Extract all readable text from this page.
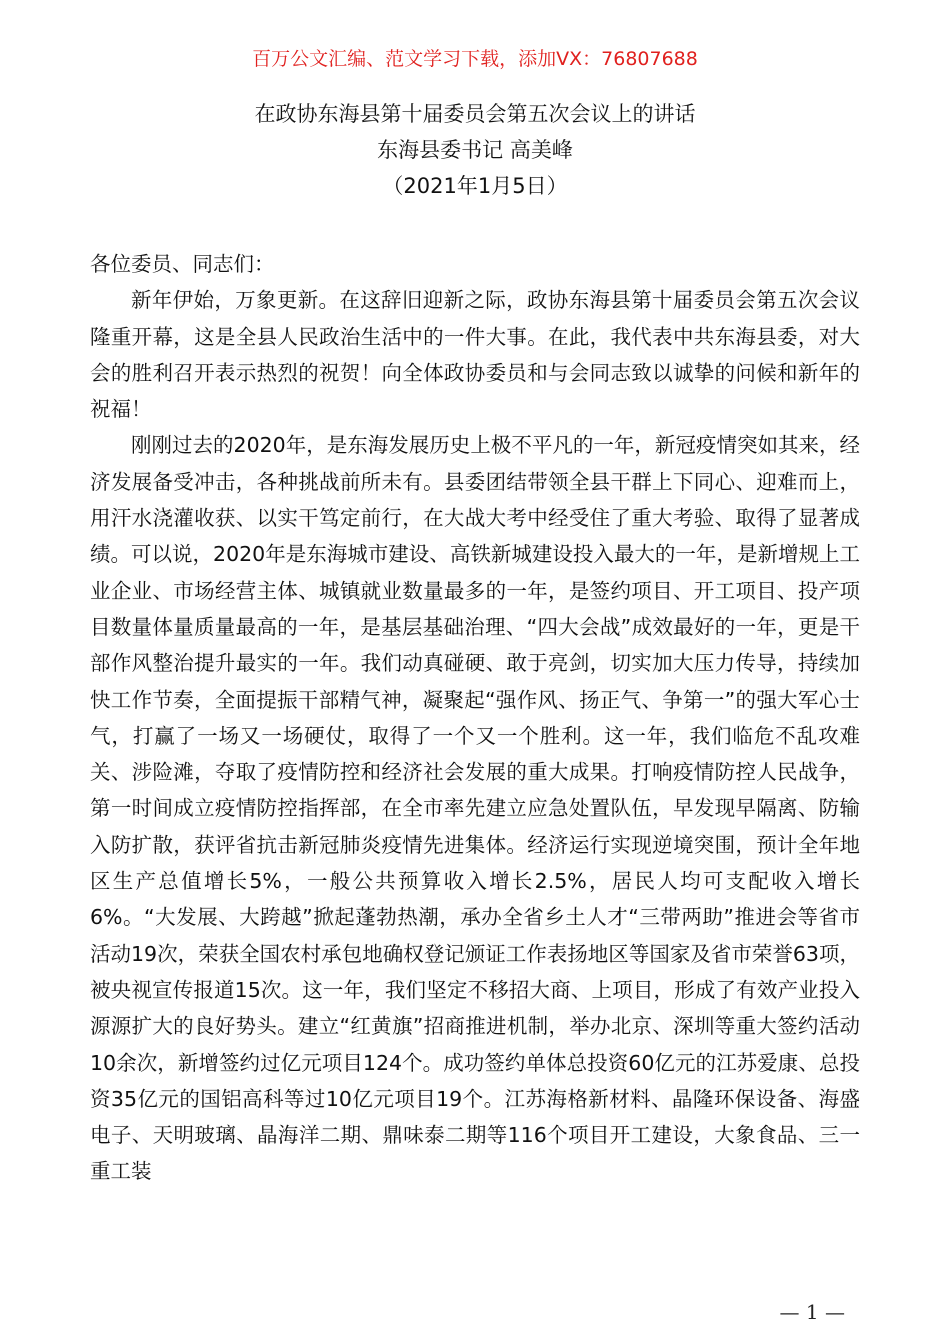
百万公文汇编、范文学习下载，添加VX：76807688
在政协东海县第十届委员会第五次会议上的讲话
东海县委书记 高美峰
（2021年1月5日）

各位委员、同志们：

新年伊始，万象更新。在这辞旧迎新之际，政协东海县第十届委员会第五次会议隆重开幕，这是全县人民政治生活中的一件大事。在此，我代表中共东海县委，对大会的胜利召开表示热烈的祝贺！向全体政协委员和与会同志致以诚挚的问候和新年的祝福！

刚刚过去的2020年，是东海发展历史上极不平凡的一年，新冠疫情突如其来，经济发展备受冲击，各种挑战前所未有。县委团结带领全县干群上下同心、迎难而上，用汗水浇灌收获、以实干笃定前行，在大战大考中经受住了重大考验、取得了显著成绩。可以说，2020年是东海城市建设、高铁新城建设投入最大的一年，是新增规上工业企业、市场经营主体、城镇就业数量最多的一年，是签约项目、开工项目、投产项目数量体量质量最高的一年，是基层基础治理、“四大会战”成效最好的一年，更是干部作风整治提升最实的一年。我们动真碰硬、敢于亮剑，切实加大压力传导，持续加快工作节奏，全面提振干部精气神，凝聚起“强作风、扬正气、争第一”的强大军心士气，打赢了一场又一场硬仗，取得了一个又一个胜利。这一年，我们临危不乱攻难关、涉险滩，夺取了疫情防控和经济社会发展的重大成果。打响疫情防控人民战争，第一时间成立疫情防控指挥部，在全市率先建立应急处置队伍，早发现早隔离、防输入防扩散，获评省抗击新冠肺炎疫情先进集体。经济运行实现逆境突围，预计全年地区生产总值增长5%，一般公共预算收入增长2.5%，居民人均可支配收入增长6%。“大发展、大跨越”掀起蓬勃热潮，承办全省乡土人才“三带两助”推进会等省市活动19次，荣获全国农村承包地确权登记颁证工作表扬地区等国家及省市荣誉63项，被央视宣传报道15次。这一年，我们坚定不移招大商、上项目，形成了有效产业投入源源扩大的良好势头。建立“红黄旗”招商推进机制，举办北京、深圳等重大签约活动10余次，新增签约过亿元项目124个。成功签约单体总投资60亿元的江苏爱康、总投资35亿元的国铝高科等过10亿元项目19个。江苏海格新材料、晶隆环保设备、海盛电子、天明玻璃、晶海洋二期、鼎味泰二期等116个项目开工建设，大象食品、三一重工装

— 1 —
